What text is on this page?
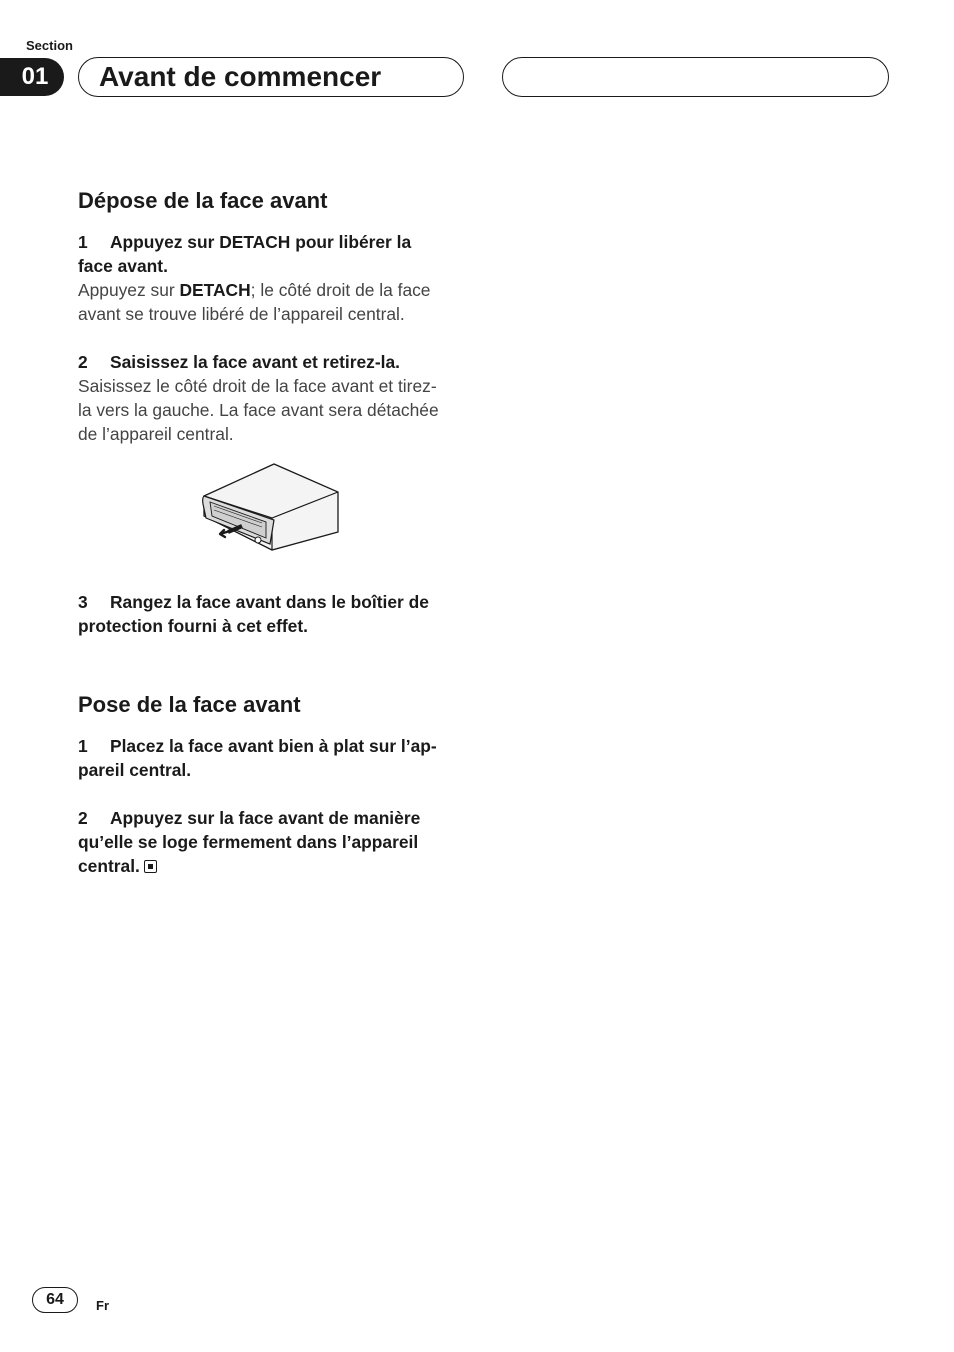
Section
01	Avant de commencer
Dépose de la face avant

1 Appuyez sur DETACH pour libérer la
face avant.

Appuyez sur DETACH; le côté droit de la face
avant se trouve libéré de l’appareil central.

2 Saisissez la face avant et retirez-la.

Saisissez le côté droit de la face avant et tirez-
la vers la gauche. La face avant sera détachée
de l’appareil central.

3 Rangez la face avant dans le boîtier de
protection fourni à cet effet.

Pose de la face avant

1 Placez la face avant bien à plat sur l’ap-
pareil central.

2 Appuyez sur la face avant de manière
qu’elle se loge fermement dans l’appareil
central.

64	Fr
